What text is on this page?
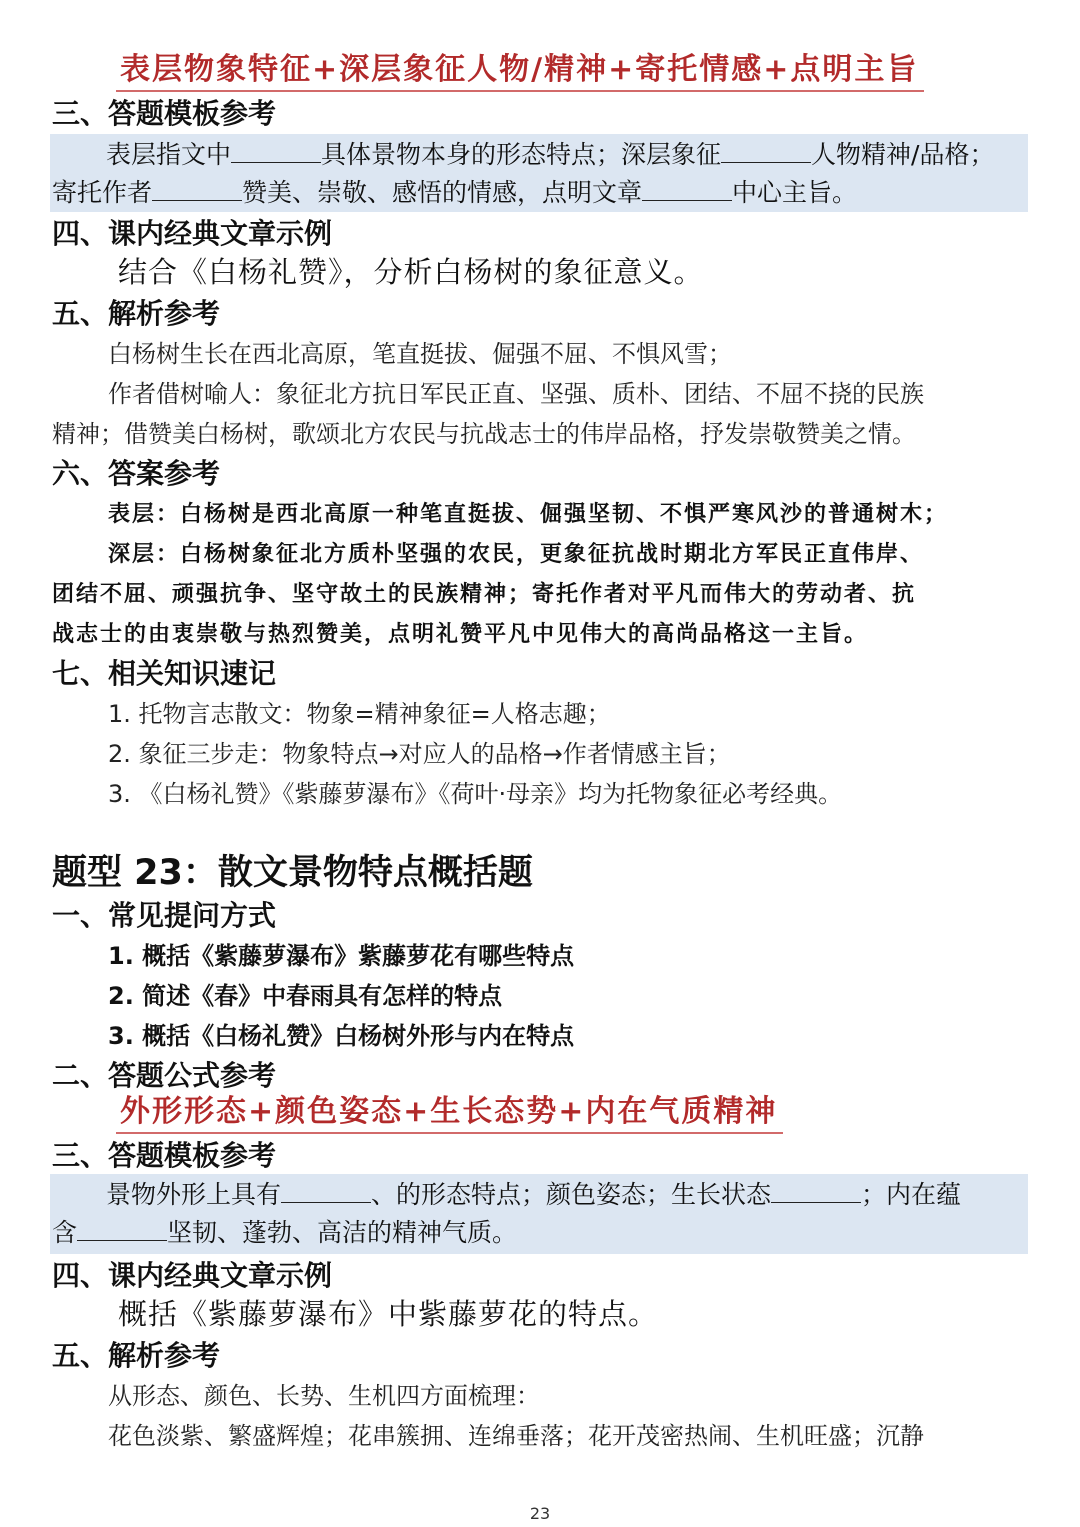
表层物象特征+深层象征人物/精神+寄托情感+点明主旨
三、答题模板参考
表层指文中	具体景物本身的形态特点；深层象征	人物精神/品格；
寄托作者	赞美、崇敬、感悟的情感，点明文章	中心主旨。
四、课内经典文章示例
结合《白杨礼赞》，分析白杨树的象征意义。
五、解析参考
白杨树生长在西北高原，笔直挺拔、倔强不屈、不惧风雪；
作者借树喻人：象征北方抗日军民正直、坚强、质朴、团结、不屈不挠的民族
精神；借赞美白杨树，歌颂北方农民与抗战志士的伟岸品格，抒发崇敬赞美之情。
六、答案参考
表层：白杨树是西北高原一种笔直挺拔、倔强坚韧、不惧严寒风沙的普通树木；
深层：白杨树象征北方质朴坚强的农民，更象征抗战时期北方军民正直伟岸、
团结不屈、顽强抗争、坚守故土的民族精神；寄托作者对平凡而伟大的劳动者、抗
战志士的由衷崇敬与热烈赞美，点明礼赞平凡中见伟大的高尚品格这一主旨。
七、相关知识速记
1. 托物言志散文：物象=精神象征=人格志趣；
2. 象征三步走：物象特点→对应人的品格→作者情感主旨；
3. 《白杨礼赞》《紫藤萝瀑布》《荷叶·母亲》均为托物象征必考经典。
题型 23：散文景物特点概括题
一、常见提问方式
1. 概括《紫藤萝瀑布》紫藤萝花有哪些特点
2. 简述《春》中春雨具有怎样的特点
3. 概括《白杨礼赞》白杨树外形与内在特点
二、答题公式参考
外形形态+颜色姿态+生长态势+内在气质精神
三、答题模板参考
景物外形上具有	、的形态特点；颜色姿态；生长状态	；内在蕴
含	坚韧、蓬勃、高洁的精神气质。
四、课内经典文章示例
概括《紫藤萝瀑布》中紫藤萝花的特点。
五、解析参考
从形态、颜色、长势、生机四方面梳理：
花色淡紫、繁盛辉煌；花串簇拥、连绵垂落；花开茂密热闹、生机旺盛；沉静
23
